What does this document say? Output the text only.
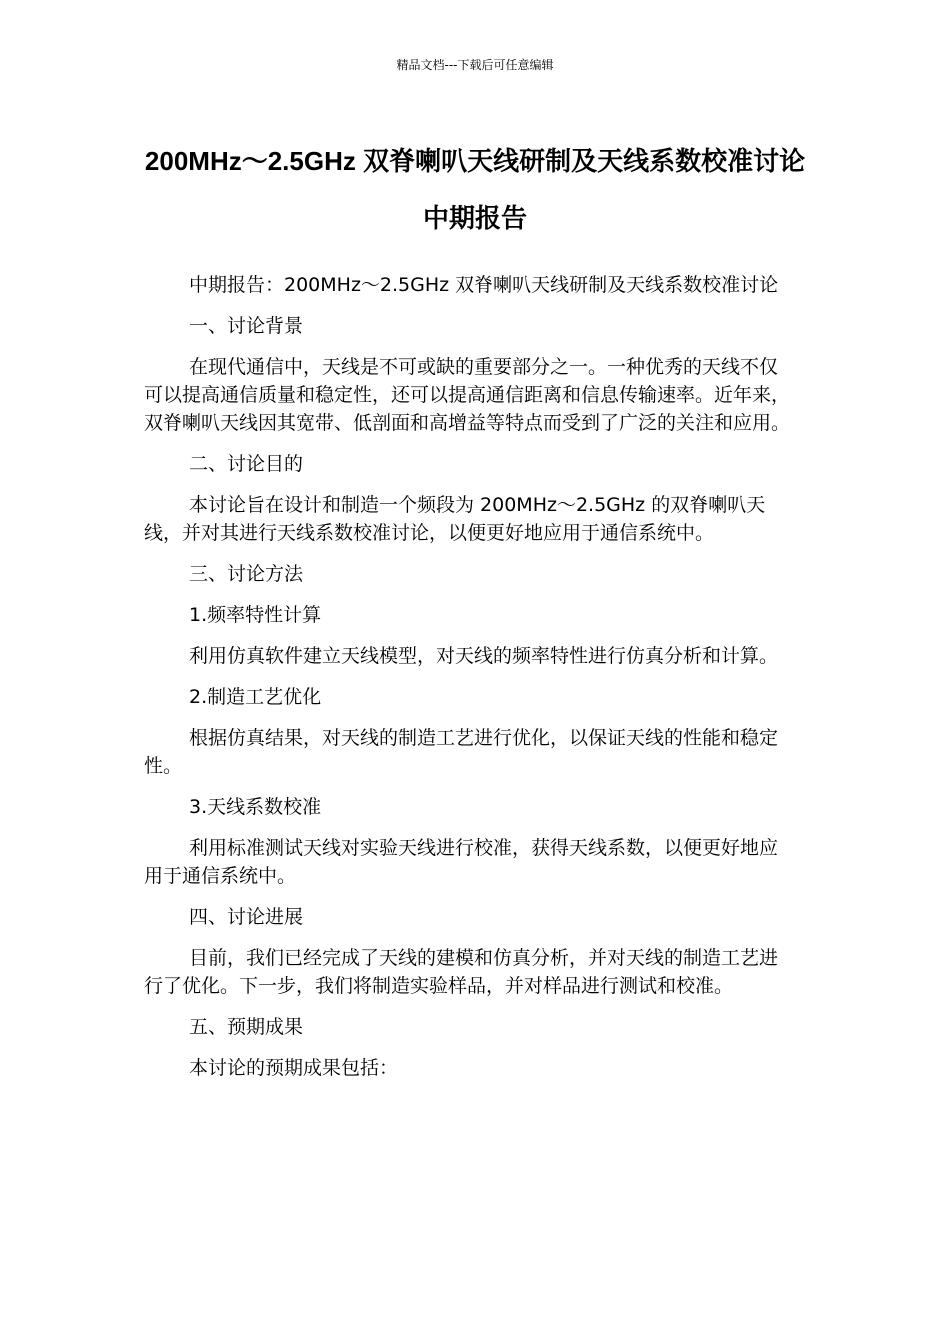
精品文档---下载后可任意编辑
200MHz～2.5GHz 双脊喇叭天线研制及天线系数校准讨论中期报告

中期报告：200MHz～2.5GHz 双脊喇叭天线研制及天线系数校准讨论

一、讨论背景

在现代通信中，天线是不可或缺的重要部分之一。一种优秀的天线不仅可以提高通信质量和稳定性，还可以提高通信距离和信息传输速率。近年来，双脊喇叭天线因其宽带、低剖面和高增益等特点而受到了广泛的关注和应用。

二、讨论目的

本讨论旨在设计和制造一个频段为 200MHz～2.5GHz 的双脊喇叭天线，并对其进行天线系数校准讨论，以便更好地应用于通信系统中。

三、讨论方法

1.频率特性计算

利用仿真软件建立天线模型，对天线的频率特性进行仿真分析和计算。

2.制造工艺优化

根据仿真结果，对天线的制造工艺进行优化，以保证天线的性能和稳定性。

3.天线系数校准

利用标准测试天线对实验天线进行校准，获得天线系数，以便更好地应用于通信系统中。

四、讨论进展

目前，我们已经完成了天线的建模和仿真分析，并对天线的制造工艺进行了优化。下一步，我们将制造实验样品，并对样品进行测试和校准。

五、预期成果

本讨论的预期成果包括：
